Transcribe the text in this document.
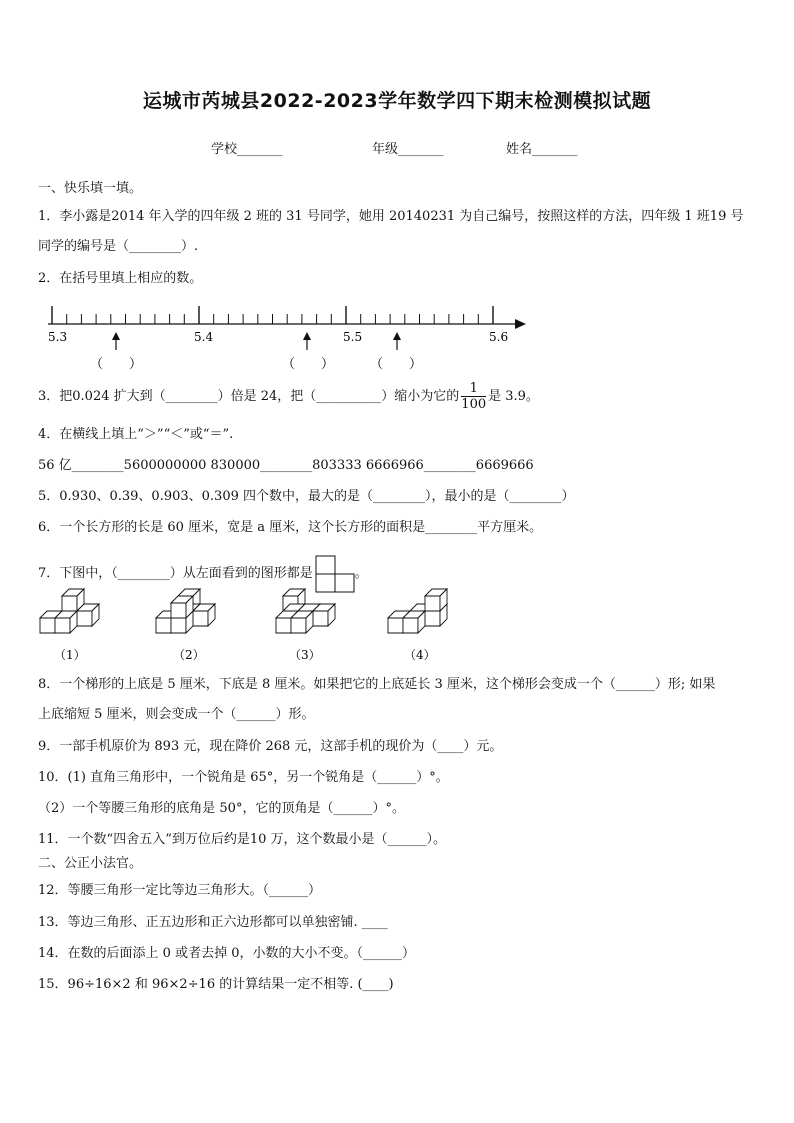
运城市芮城县2022-2023学年数学四下期末检测模拟试题
学校_______	年级_______	姓名_______
一、快乐填一填。
1．李小露是2014 年入学的四年级 2 班的 31 号同学，她用 20140231 为自己编号，按照这样的方法，四年级 1 班19 号
同学的编号是（________）.
2．在括号里填上相应的数。
5.3	5.4	5.5	5.6
（　　）	（　　）	（　　）
3．把0.024 扩大到（________）倍是 24，把（__________）缩小为它的 $\frac{1}{100}$ 是 3.9。
4．在横线上填上“＞”“＜”或“＝”.
56 亿________5600000000 830000________803333 6666966________6669666
5．0.930、0.39、0.903、0.309 四个数中，最大的是（________），最小的是（________）
6．一个长方形的长是 60 厘米，宽是 a 厘米，这个长方形的面积是________平方厘米。
7．下图中，（________）从左面看到的图形都是	。
（1）	（2）	（3）	（4）
8．一个梯形的上底是 5 厘米，下底是 8 厘米。如果把它的上底延长 3 厘米，这个梯形会变成一个（______）形; 如果
上底缩短 5 厘米，则会变成一个（______）形。
9．一部手机原价为 893 元，现在降价 268 元，这部手机的现价为（____）元。
10．(1) 直角三角形中，一个锐角是 65°，另一个锐角是（______）°。
（2）一个等腰三角形的底角是 50°，它的顶角是（______）°。
11．一个数“四舍五入”到万位后约是10 万，这个数最小是（______）。
二、公正小法官。
12．等腰三角形一定比等边三角形大。（______）
13．等边三角形、正五边形和正六边形都可以单独密铺. ____
14．在数的后面添上 0 或者去掉 0，小数的大小不变。（______）
15．96÷16×2 和 96×2÷16 的计算结果一定不相等. (____)
